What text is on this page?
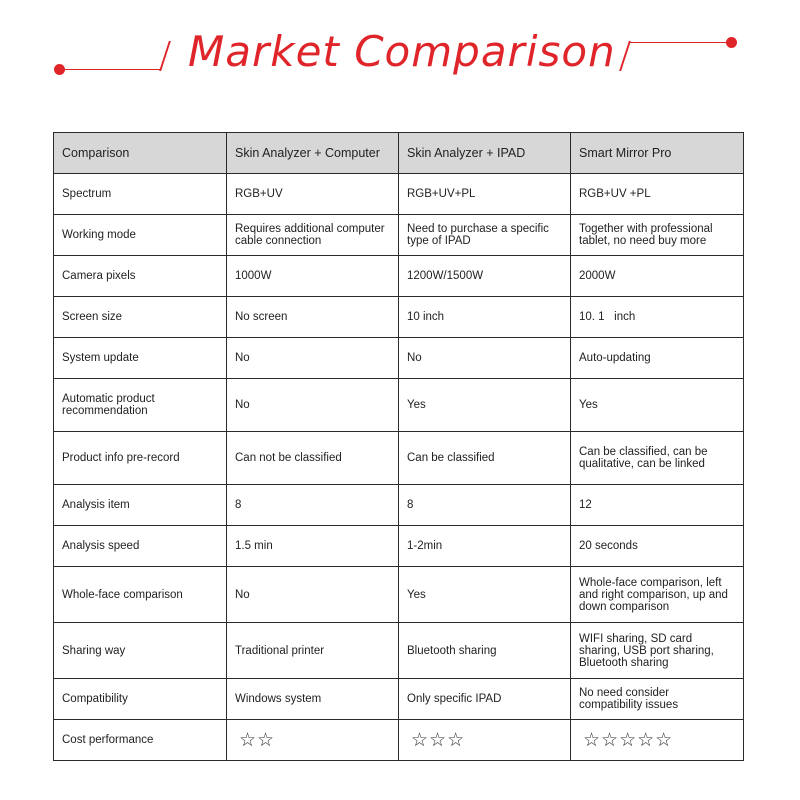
Market Comparison
Comparison	Skin Analyzer + Computer	Skin Analyzer + IPAD	Smart Mirror Pro
Spectrum	RGB+UV	RGB+UV+PL	RGB+UV +PL
Working mode	Requires additional computer cable connection	Need to purchase a specific type of IPAD	Together with professional tablet, no need buy more
Camera pixels	1000W	1200W/1500W	2000W
Screen size	No screen	10 inch	10. 1   inch
System update	No	No	Auto-updating
Automatic product recommendation	No	Yes	Yes
Product info pre-record	Can not be classified	Can be classified	Can be classified, can be qualitative, can be linked
Analysis item	8	8	12
Analysis speed	1.5 min	1-2min	20 seconds
Whole-face comparison	No	Yes	Whole-face comparison, left and right comparison, up and down comparison
Sharing way	Traditional printer	Bluetooth sharing	WIFI sharing, SD card sharing, USB port sharing, Bluetooth sharing
Compatibility	Windows system	Only specific IPAD	No need consider compatibility issues
Cost performance	☆☆	☆☆☆	☆☆☆☆☆
